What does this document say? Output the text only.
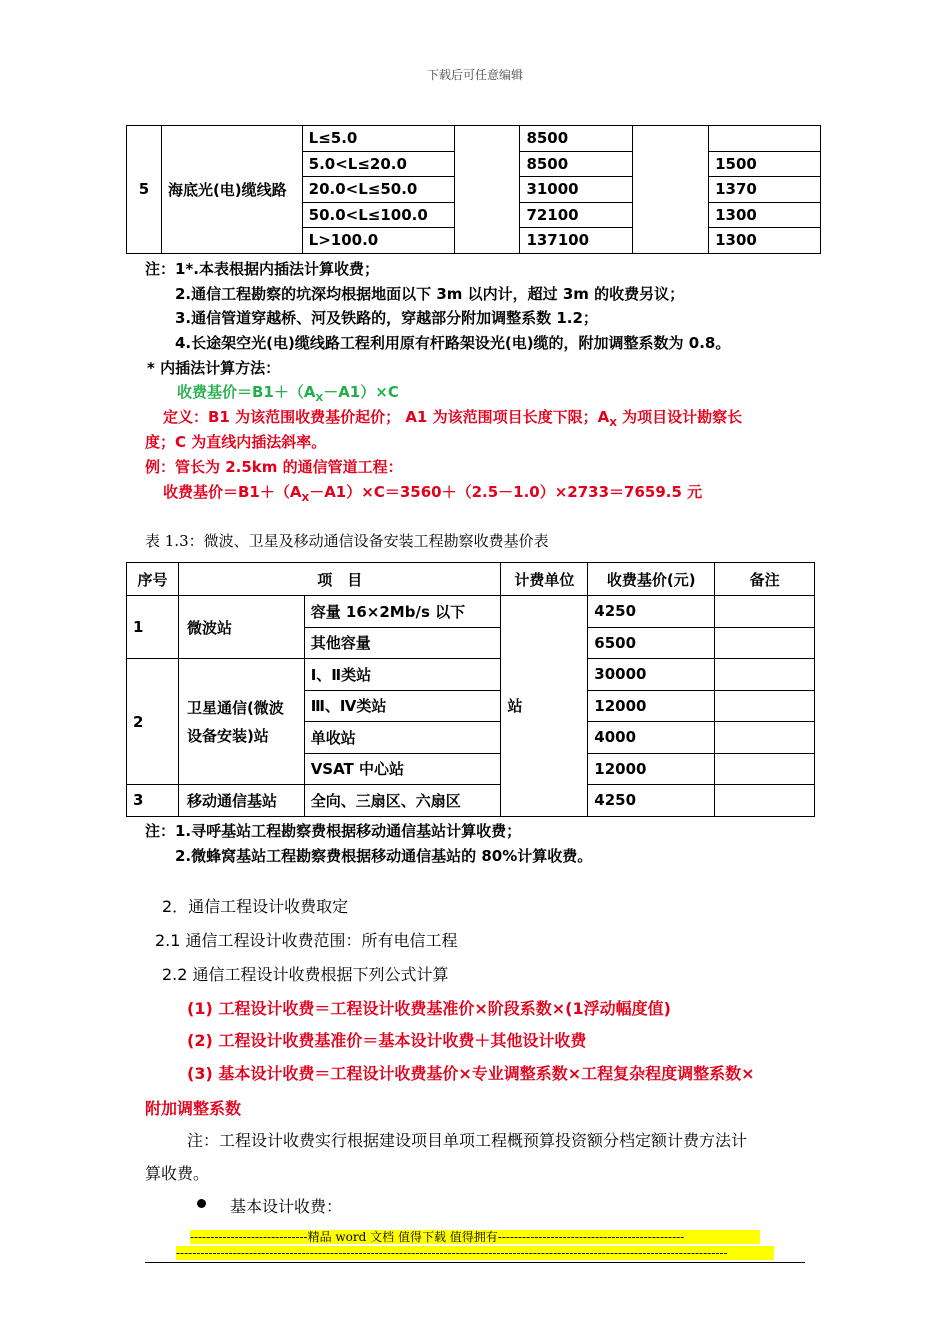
下载后可任意编辑
5	海底光(电)缆线路	L≤5.0		8500		
		5.0<L≤20.0		8500		1500
		20.0<L≤50.0		31000		1370
		50.0<L≤100.0		72100		1300
		L>100.0		137100		1300
注：1*.本表根据内插法计算收费；
2.通信工程勘察的坑深均根据地面以下 3m 以内计，超过 3m 的收费另议；
3.通信管道穿越桥、河及铁路的，穿越部分附加调整系数 1.2；
4.长途架空光(电)缆线路工程利用原有杆路架设光(电)缆的，附加调整系数为 0.8。
* 内插法计算方法：
收费基价$=B1+(A_X-A1)\times C$
定义：B1 为该范围收费基价起价； A1 为该范围项目长度下限；$A_X$ 为项目设计勘察长
度；C 为直线内插法斜率。
例：管长为 2.5km 的通信管道工程：
收费基价$=B1+(A_X-A1)\times C=3560+(2.5-1.0)\times 2733=7659.5$ 元
表 1.3：微波、卫星及移动通信设备安装工程勘察收费基价表
序号	项　目		计费单位	收费基价(元)	备注
1	微波站	容量 16×2Mb/s 以下	站	4250	
		其他容量		6500	
2	卫星通信(微波设备安装)站	Ⅰ、Ⅱ类站		30000	
		Ⅲ、Ⅳ类站		12000	
		单收站		4000	
		VSAT 中心站		12000	
3	移动通信基站	全向、三扇区、六扇区		4250	
注：1.寻呼基站工程勘察费根据移动通信基站计算收费；
2.微蜂窝基站工程勘察费根据移动通信基站的 80%计算收费。
2．通信工程设计收费取定
2.1 通信工程设计收费范围：所有电信工程
2.2 通信工程设计收费根据下列公式计算
(1) 工程设计收费＝工程设计收费基准价×阶段系数×(1浮动幅度值)
(2) 工程设计收费基准价＝基本设计收费＋其他设计收费
(3) 基本设计收费＝工程设计收费基价×专业调整系数×工程复杂程度调整系数×
附加调整系数
注：工程设计收费实行根据建设项目单项工程概预算投资额分档定额计费方法计
算收费。
基本设计收费：
-----------------------------精品 word 文档 值得下载 值得拥有----------------------------------------------
----------------------------------------------------------------------------------------------------------------------------------------
